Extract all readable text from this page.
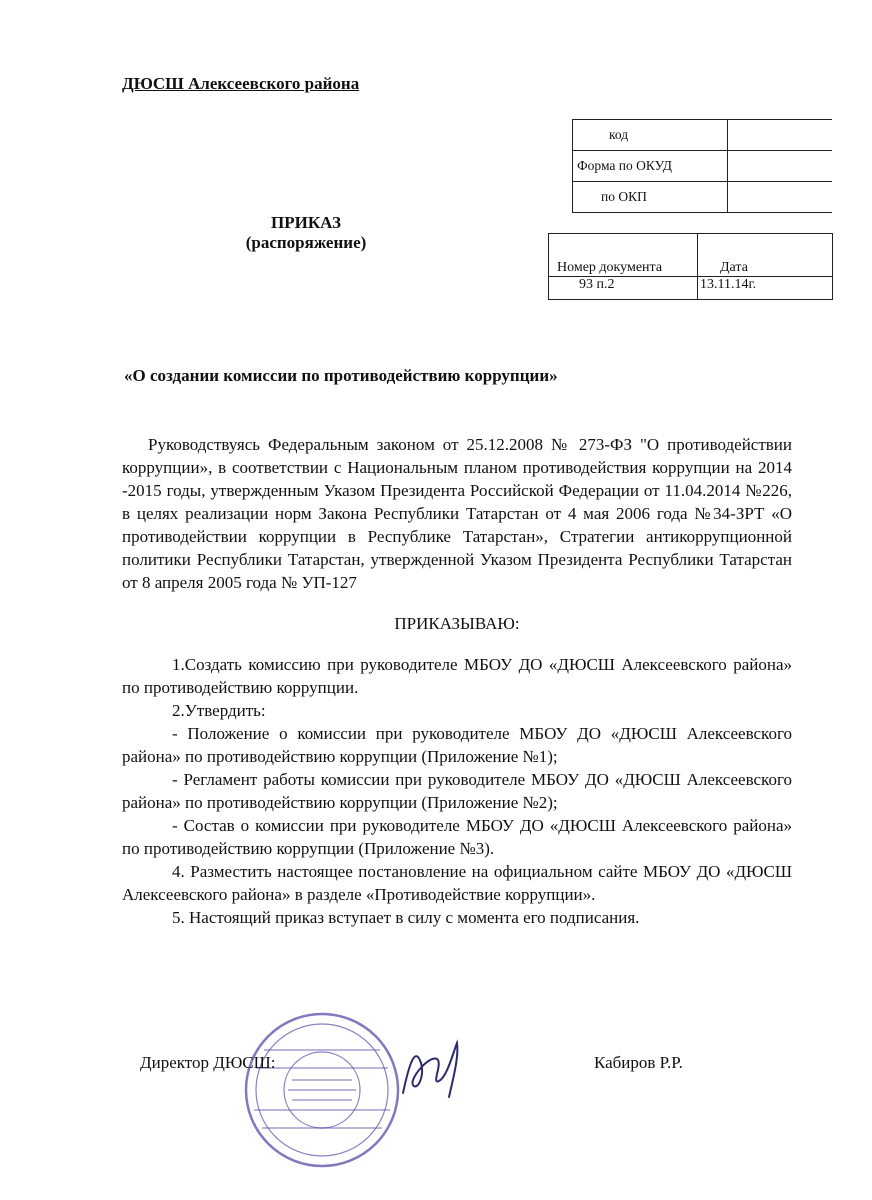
ДЮСШ Алексеевского района
код	
Форма по ОКУД	
по ОКП	
ПРИКАЗ
(распоряжение)
Номер документа	Дата
93 п.2	13.11.14г.
«О создании комиссии по противодействию коррупции»

Руководствуясь Федеральным законом от 25.12.2008 № 273-ФЗ "О противодействии коррупции», в соответствии с Национальным планом противодействия коррупции на 2014 -2015 годы, утвержденным Указом Президента Российской Федерации от 11.04.2014 №226, в целях реализации норм Закона Республики Татарстан от 4 мая 2006 года №34-ЗРТ «О противодействии коррупции в Республике Татарстан», Стратегии антикоррупционной политики Республики Татарстан, утвержденной Указом Президента Республики Татарстан от 8 апреля 2005 года № УП-127

ПРИКАЗЫВАЮ:

1.Создать комиссию при руководителе МБОУ ДО «ДЮСШ Алексеевского района» по противодействию коррупции.

2.Утвердить:

- Положение о комиссии при руководителе МБОУ ДО «ДЮСШ Алексеевского района» по противодействию коррупции (Приложение №1);

- Регламент работы комиссии при руководителе МБОУ ДО «ДЮСШ Алексеевского района» по противодействию коррупции (Приложение №2);

- Состав о комиссии при руководителе МБОУ ДО «ДЮСШ Алексеевского района» по противодействию коррупции (Приложение №3).

4. Разместить настоящее постановление на официальном сайте МБОУ ДО «ДЮСШ Алексеевского района» в разделе «Противодействие коррупции».

5. Настоящий приказ вступает в силу с момента его подписания.

Директор ДЮСШ:	Кабиров Р.Р.
